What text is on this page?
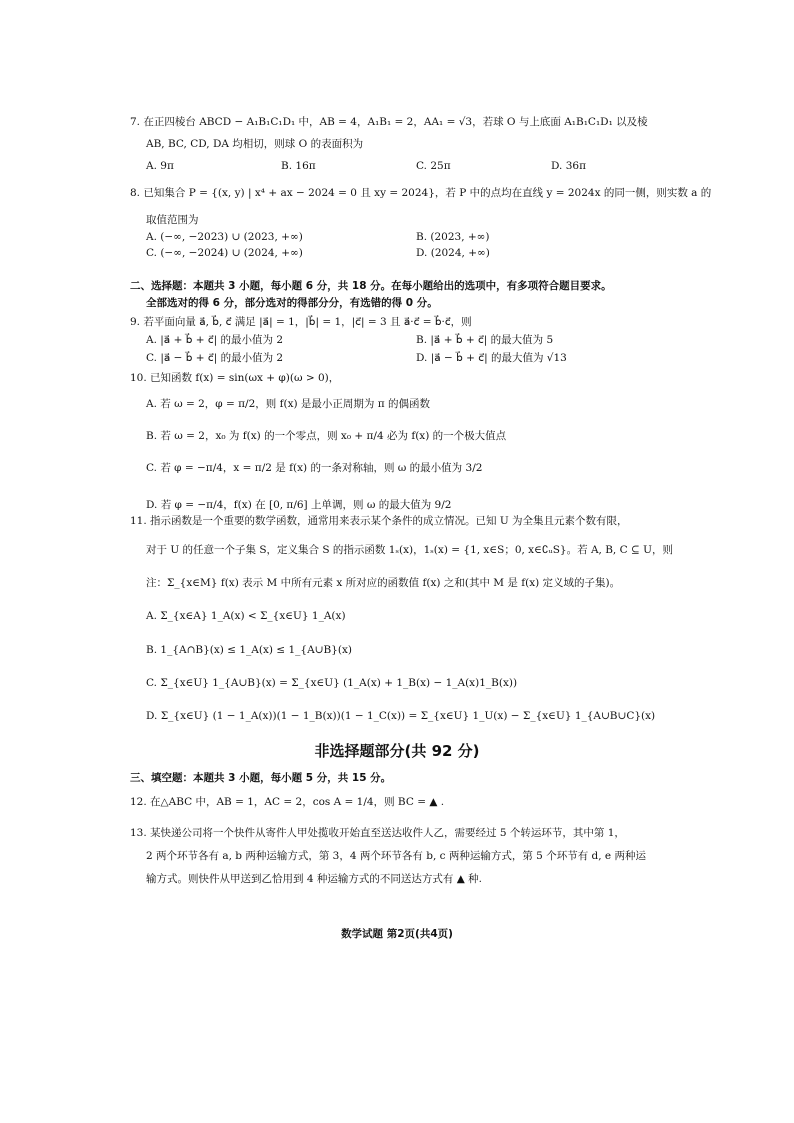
7. 在正四棱台 ABCD − A₁B₁C₁D₁ 中，AB = 4，A₁B₁ = 2，AA₁ = √3，若球 O 与上底面 A₁B₁C₁D₁ 以及棱
AB, BC, CD, DA 均相切，则球 O 的表面积为
A. 9π	B. 16π	C. 25π	D. 36π
8. 已知集合 P = {(x, y) | x⁴ + ax − 2024 = 0 且 xy = 2024}，若 P 中的点均在直线 y = 2024x 的同一侧，则实数 a 的
取值范围为
A. (−∞, −2023) ∪ (2023, +∞)	B. (2023, +∞)
C. (−∞, −2024) ∪ (2024, +∞)	D. (2024, +∞)
二、选择题：本题共 3 小题，每小题 6 分，共 18 分。在每小题给出的选项中，有多项符合题目要求。
全部选对的得 6 分，部分选对的得部分分，有选错的得 0 分。
9. 若平面向量 a⃗, b⃗, c⃗ 满足 |a⃗| = 1，|b⃗| = 1，|c⃗| = 3 且 a⃗·c⃗ = b⃗·c⃗，则
A. |a⃗ + b⃗ + c⃗| 的最小值为 2	B. |a⃗ + b⃗ + c⃗| 的最大值为 5
C. |a⃗ − b⃗ + c⃗| 的最小值为 2	D. |a⃗ − b⃗ + c⃗| 的最大值为 √13
10. 已知函数 f(x) = sin(ωx + φ)(ω > 0)，
A. 若 ω = 2，φ = π/2，则 f(x) 是最小正周期为 π 的偶函数
B. 若 ω = 2，x₀ 为 f(x) 的一个零点，则 x₀ + π/4 必为 f(x) 的一个极大值点
C. 若 φ = −π/4，x = π/2 是 f(x) 的一条对称轴，则 ω 的最小值为 3/2
D. 若 φ = −π/4，f(x) 在 [0, π/6] 上单调，则 ω 的最大值为 9/2
11. 指示函数是一个重要的数学函数，通常用来表示某个条件的成立情况。已知 U 为全集且元素个数有限，
对于 U 的任意一个子集 S，定义集合 S 的指示函数 1ₛ(x)，1ₛ(x) = {1, x∈S；0, x∈∁ᵤS}。若 A, B, C ⊆ U，则
注：Σ_{x∈M} f(x) 表示 M 中所有元素 x 所对应的函数值 f(x) 之和(其中 M 是 f(x) 定义域的子集)。
A. Σ_{x∈A} 1_A(x) < Σ_{x∈U} 1_A(x)
B. 1_{A∩B}(x) ≤ 1_A(x) ≤ 1_{A∪B}(x)
C. Σ_{x∈U} 1_{A∪B}(x) = Σ_{x∈U} (1_A(x) + 1_B(x) − 1_A(x)1_B(x))
D. Σ_{x∈U} (1 − 1_A(x))(1 − 1_B(x))(1 − 1_C(x)) = Σ_{x∈U} 1_U(x) − Σ_{x∈U} 1_{A∪B∪C}(x)
非选择题部分(共 92 分)
三、填空题：本题共 3 小题，每小题 5 分，共 15 分。
12. 在△ABC 中，AB = 1，AC = 2，cos A = 1/4，则 BC = ▲ .
13. 某快递公司将一个快件从寄件人甲处揽收开始直至送达收件人乙，需要经过 5 个转运环节，其中第 1，
2 两个环节各有 a, b 两种运输方式，第 3，4 两个环节各有 b, c 两种运输方式，第 5 个环节有 d, e 两种运
输方式。则快件从甲送到乙恰用到 4 种运输方式的不同送达方式有 ▲ 种.
数学试题 第2页(共4页)
